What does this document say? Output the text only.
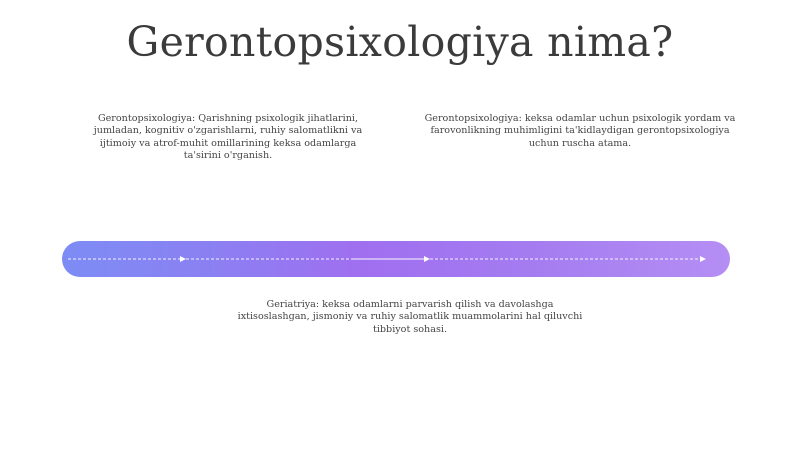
Gerontopsixologiya nima?
Gerontopsixologiya: Qarishning psixologik jihatlarini, jumladan, kognitiv o'zgarishlarni, ruhiy salomatlikni va ijtimoiy va atrof-muhit omillarining keksa odamlarga ta'sirini o'rganish.
Gerontopsixologiya: keksa odamlar uchun psixologik yordam va farovonlikning muhimligini ta'kidlaydigan gerontopsixologiya uchun ruscha atama.
Geriatriya: keksa odamlarni parvarish qilish va davolashga ixtisoslashgan, jismoniy va ruhiy salomatlik muammolarini hal qiluvchi tibbiyot sohasi.
